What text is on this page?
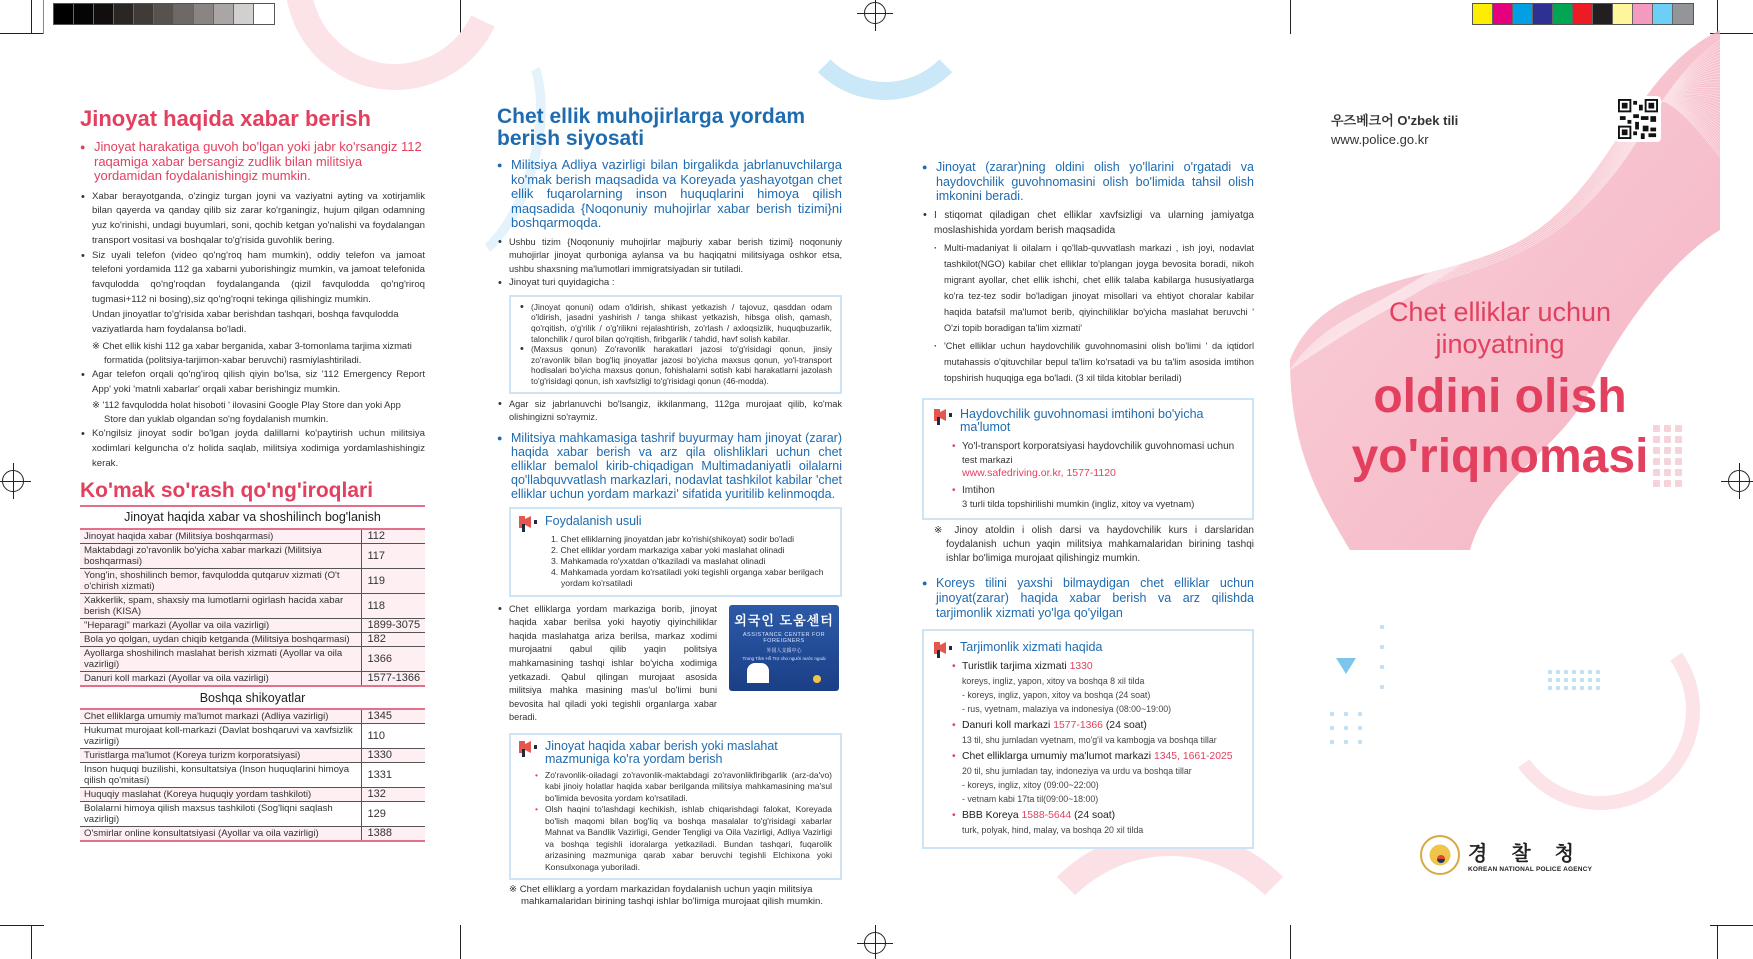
Jinoyat haqida xabar berish
● Jinoyat harakatiga guvoh bo'lgan yoki jabr ko'rsangiz 112 raqamiga xabar bersangiz zudlik bilan militsiya yordamidan foydalanishingiz mumkin.
• Xabar berayotganda, o'zingiz turgan joyni va vaziyatni ayting va xotirjamlik bilan qayerda va qanday qilib siz zarar ko'rganingiz, hujum qilgan odamning yuz ko'rinishi, undagi buyumlari, soni, qochib ketgan yo'nalishi va foydalangan transport vositasi va boshqalar to'g'risida guvohlik bering.
• Siz uyali telefon (video qo'ng'roq ham mumkin), oddiy telefon va jamoat telefoni yordamida 112 ga xabarni yuborishingiz mumkin, va jamoat telefonida favqulodda qo'ng'roqdan foydalanganda (qizil favqulodda qo'ng'riroq tugmasi+112 ni bosing),siz qo'ng'roqni tekinga qilishingiz mumkin.
Undan jinoyatlar to'g'risida xabar berishdan tashqari, boshqa favqulodda vaziyatlarda ham foydalansa bo'ladi.
※ Chet ellik kishi 112 ga xabar berganida, xabar 3-tomonlama tarjima xizmati formatida (politsiya-tarjimon-xabar beruvchi) rasmiylashtiriladi.
• Agar telefon orqali qo'ng'iroq qilish qiyin bo'lsa, siz '112 Emergency Report App' yoki 'matnli xabarlar' orqali xabar berishingiz mumkin.
※ '112 favqulodda holat hisoboti ' ilovasini Google Play Store dan yoki App Store dan yuklab olgandan so'ng foydalanish mumkin.
• Ko'ngilsiz jinoyat sodir bo'lgan joyda dalillarni ko'paytirish uchun militsiya xodimlari kelguncha o'z holida saqlab, militsiya xodimiga yordamlashishingiz kerak.
Ko'mak so'rash qo'ng'iroqlari
Jinoyat haqida xabar va shoshilinch bog'lanish
Jinoyat haqida xabar (Militsiya boshqarmasi)	112
Maktabdagi zo'ravonlik bo'yicha xabar markazi (Militsiya boshqarmasi)	117
Yong'in, shoshilinch bemor, favqulodda qutqaruv xizmati (O't o'chirish xizmati)	119
Xakkerlik, spam, shaxsiy ma lumotlarni ogirlash hacida xabar berish (KISA)	118
"Heparagi" markazi (Ayollar va oila vazirligi)	1899-3075
Bola yo qolgan, uydan chiqib ketganda (Militsiya boshqarmasi)	182
Ayollarga shoshilinch maslahat berish xizmati (Ayollar va oila vazirligi)	1366
Danuri koll markazi (Ayollar va oila vazirligi)	1577-1366
Boshqa shikoyatlar
Chet elliklarga umumiy ma'lumot markazi (Adliya vazirligi)	1345
Hukumat murojaat koll-markazi (Davlat boshqaruvi va xavfsizlik vazirligi)	110
Turistlarga ma'lumot (Koreya turizm korporatsiyasi)	1330
Inson huquqi buzilishi, konsultatsiya (Inson huquqlarini himoya qilish qo'mitasi)	1331
Huquqiy maslahat (Koreya huquqiy yordam tashkiloti)	132
Bolalarni himoya qilish maxsus tashkiloti (Sog'liqni saqlash vazirligi)	129
O'smirlar online konsultatsiyasi (Ayollar va oila vazirligi)	1388
Chet ellik muhojirlarga yordam berish siyosati
● Militsiya Adliya vazirligi bilan birgalikda jabrlanuvchilarga ko'mak berish maqsadida va Koreyada yashayotgan chet ellik fuqarolarning inson huquqlarini himoya qilish maqsadida {Noqonuniy muhojirlar xabar berish tizimi}ni boshqarmoqda.
• Ushbu tizim {Noqonuniy muhojirlar majburiy xabar berish tizimi} noqonuniy muhojirlar jinoyat qurboniga aylansa va bu haqiqatni militsiyaga oshkor etsa, ushbu shaxsning ma'lumotlari immigratsiyadan sir tutiladi.
• Jinoyat turi quyidagicha :
• (Jinoyat qonuni) odam o'ldirish, shikast yetkazish / tajovuz, qasddan odam o'ldirish, jasadni yashirish / tanga shikast yetkazish, hibsga olish, qamash, qo'rqitish, o'g'rilik / o'g'rilikni rejalashtirish, zo'rlash / axloqsizlik, huquqbuzarlik, talonchilik / qurol bilan qo'rqitish, firibgarlik / tahdid, havf solish kabilar.
• (Maxsus qonun) Zo'ravonlik harakatlari jazosi to'g'risidagi qonun, jinsiy zo'ravonlik bilan bog'liq jinoyatlar jazosi bo'yicha maxsus qonun, yo'l-transport hodisalari bo'yicha maxsus qonun, fohishalarni sotish kabi harakatlarni jazolash to'g'risidagi qonun, ish xavfsizligi to'g'risidagi qonun (46-modda).
• Agar siz jabrlanuvchi bo'lsangiz, ikkilanmang, 112ga murojaat qilib, ko'mak olishingizni so'raymiz.
● Militsiya mahkamasiga tashrif buyurmay ham jinoyat (zarar) haqida xabar berish va arz qila olishliklari uchun chet elliklar bemalol kirib-chiqadigan Multimadaniyatli oilalarni qo'llabquvvatlash markazlari, nodavlat tashkilot kabilar 'chet elliklar uchun yordam markazi' sifatida yuritilib kelinmoqda.
Foydalanish usuli
1. Chet elliklarning jinoyatdan jabr ko'rishi(shikoyat) sodir bo'ladi
2. Chet elliklar yordam markaziga xabar yoki maslahat olinadi
3. Mahkamada ro'yxatdan o'tkaziladi va maslahat olinadi
4. Mahkamada yordam ko'rsatiladi yoki tegishli organga xabar berilgach yordam ko'rsatiladi
• Chet elliklarga yordam markaziga borib, jinoyat haqida xabar berilsa yoki hayotiy qiyinchiliklar haqida maslahatga ariza berilsa, markaz xodimi murojaatni qabul qilib yaqin politsiya mahkamasining tashqi ishlar bo'yicha xodimiga yetkazadi. Qabul qilingan murojaat asosida militsiya mahka masining mas'ul bo'limi buni bevosita hal qiladi yoki tegishli organlarga xabar beradi.
외국인 도움센터
ASSISTANCE CENTER FOR FOREIGNERS
外国人支援中心
Trung Tâm Hỗ Trợ cho người nước ngoài
Jinoyat haqida xabar berish yoki maslahat mazmuniga ko'ra yordam berish
• Zo'ravonlik-oiladagi zo'ravonlik-maktabdagi zo'ravonlikfiribgarlik (arz-da'vo) kabi jinoiy holatlar haqida xabar berilganda militsiya mahkamasining ma'sul bo'limida bevosita yordam ko'rsatiladi.
• Olsh haqini to'lashdagi kechikish, ishlab chiqarishdagi falokat, Koreyada bo'lish maqomi bilan bog'liq va boshqa masalalar to'g'risidagi xabarlar Mahnat va Bandlik Vazirligi, Gender Tengligi va Oila Vazirligi, Adliya Vazirligi va boshqa tegishli idoralarga yetkaziladi. Bundan tashqari, fuqarolik arizasining mazmuniga qarab xabar beruvchi tegishli Elchixona yoki Konsulxonaga yuboriladi.
※ Chet elliklarg a yordam markazidan foydalanish uchun yaqin militsiya mahkamalaridan birining tashqi ishlar bo'limiga murojaat qilish mumkin.
● Jinoyat (zarar)ning oldini olish yo'llarini o'rgatadi va haydovchilik guvohnomasini olish bo'limida tahsil olish imkonini beradi.
• I stiqomat qiladigan chet elliklar xavfsizligi va ularning jamiyatga moslashishida yordam berish maqsadida
· Multi-madaniyat li oilalarn i qo'llab-quvvatlash markazi , ish joyi, nodavlat tashkilot(NGO) kabilar chet elliklar to'plangan joyga bevosita boradi, nikoh migrant ayollar, chet ellik ishchi, chet ellik talaba kabilarga hususiyatlarga ko'ra tez-tez sodir bo'ladigan jinoyat misollari va ehtiyot choralar kabilar haqida batafsil ma'lumot berib, qiyinchiliklar bo'yicha maslahat beruvchi ' O'zi topib boradigan ta'lim xizmati'
· 'Chet elliklar uchun haydovchilik guvohnomasini olish bo'limi ' da iqtidorl mutahassis o'qituvchilar bepul ta'lim ko'rsatadi va bu ta'lim asosida imtihon topshirish huquqiga ega bo'ladi. (3 xil tilda kitoblar beriladi)
Haydovchilik guvohnomasi imtihoni bo'yicha ma'lumot
• Yo'l-transport korporatsiyasi haydovchilik guvohnomasi uchun
test markazi
www.safedriving.or.kr, 1577-1120
• Imtihon
3 turli tilda topshirilishi mumkin (ingliz, xitoy va vyetnam)
※ Jinoy atoldin i olish darsi va haydovchilik kurs i darslaridan foydalanish uchun yaqin militsiya mahkamalaridan birining tashqi ishlar bo'limiga murojaat qilishingiz mumkin.
● Koreys tilini yaxshi bilmaydigan chet elliklar uchun jinoyat(zarar) haqida xabar berish va arz qilishda tarjimonlik xizmati yo'lga qo'yilgan
Tarjimonlik xizmati haqida
• Turistlik tarjima xizmati 1330
koreys, ingliz, yapon, xitoy va boshqa 8 xil tilda
- koreys, ingliz, yapon, xitoy va boshqa (24 soat)
- rus, vyetnam, malaziya va indonesiya (08:00~19:00)
• Danuri koll markazi 1577-1366 (24 soat)
13 til, shu jumladan vyetnam, mo'g'il va kambogja va boshqa tillar
• Chet elliklarga umumiy ma'lumot markazi 1345, 1661-2025
20 til, shu jumladan tay, indoneziya va urdu va boshqa tillar
- koreys, ingliz, xitoy (09:00~22:00)
- vetnam kabi 17ta til(09:00~18:00)
• BBB Koreya 1588-5644 (24 soat)
turk, polyak, hind, malay, va boshqa 20 xil tilda
우즈베크어 O'zbek tili
www.police.go.kr
Chet elliklar uchun
jinoyatning
oldini olish
yo'riqnomasi
경찰청
KOREAN NATIONAL POLICE AGENCY
